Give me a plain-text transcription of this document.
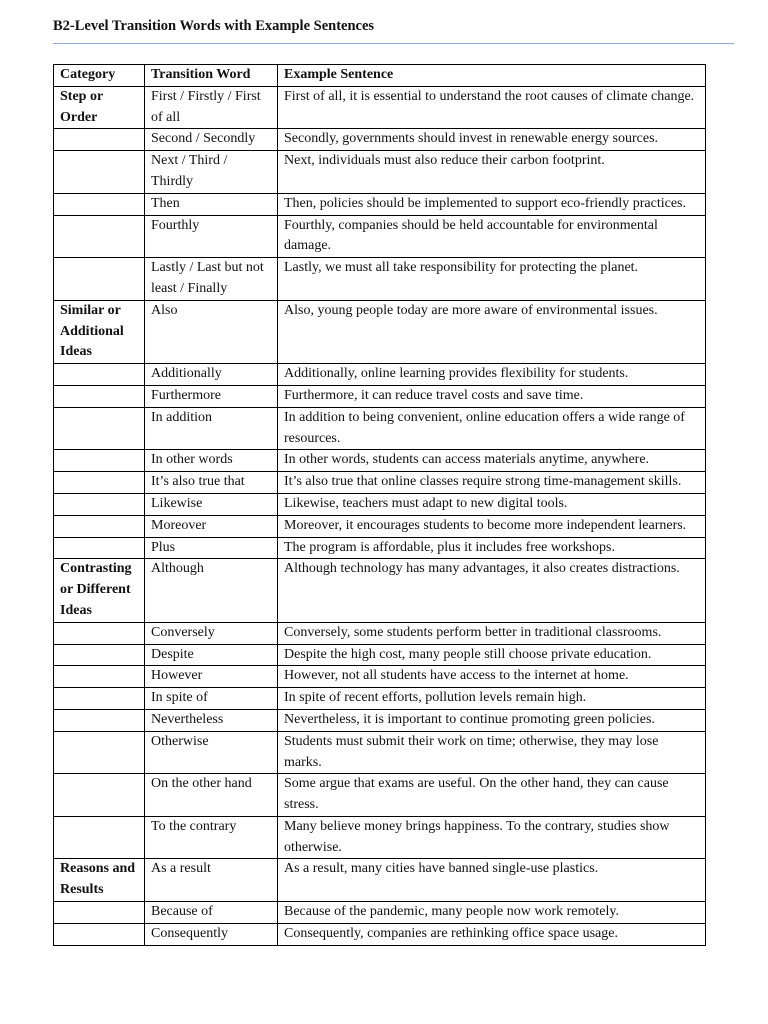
B2-Level Transition Words with Example Sentences
Category	Transition Word	Example Sentence
Step or Order	First / Firstly / First of all	First of all, it is essential to understand the root causes of climate change.
	Second / Secondly	Secondly, governments should invest in renewable energy sources.
	Next / Third / Thirdly	Next, individuals must also reduce their carbon footprint.
	Then	Then, policies should be implemented to support eco-friendly practices.
	Fourthly	Fourthly, companies should be held accountable for environmental damage.
	Lastly / Last but not least / Finally	Lastly, we must all take responsibility for protecting the planet.
Similar or Additional Ideas	Also	Also, young people today are more aware of environmental issues.
	Additionally	Additionally, online learning provides flexibility for students.
	Furthermore	Furthermore, it can reduce travel costs and save time.
	In addition	In addition to being convenient, online education offers a wide range of resources.
	In other words	In other words, students can access materials anytime, anywhere.
	It’s also true that	It’s also true that online classes require strong time-management skills.
	Likewise	Likewise, teachers must adapt to new digital tools.
	Moreover	Moreover, it encourages students to become more independent learners.
	Plus	The program is affordable, plus it includes free workshops.
Contrasting or Different Ideas	Although	Although technology has many advantages, it also creates distractions.
	Conversely	Conversely, some students perform better in traditional classrooms.
	Despite	Despite the high cost, many people still choose private education.
	However	However, not all students have access to the internet at home.
	In spite of	In spite of recent efforts, pollution levels remain high.
	Nevertheless	Nevertheless, it is important to continue promoting green policies.
	Otherwise	Students must submit their work on time; otherwise, they may lose marks.
	On the other hand	Some argue that exams are useful. On the other hand, they can cause stress.
	To the contrary	Many believe money brings happiness. To the contrary, studies show otherwise.
Reasons and Results	As a result	As a result, many cities have banned single-use plastics.
	Because of	Because of the pandemic, many people now work remotely.
	Consequently	Consequently, companies are rethinking office space usage.
